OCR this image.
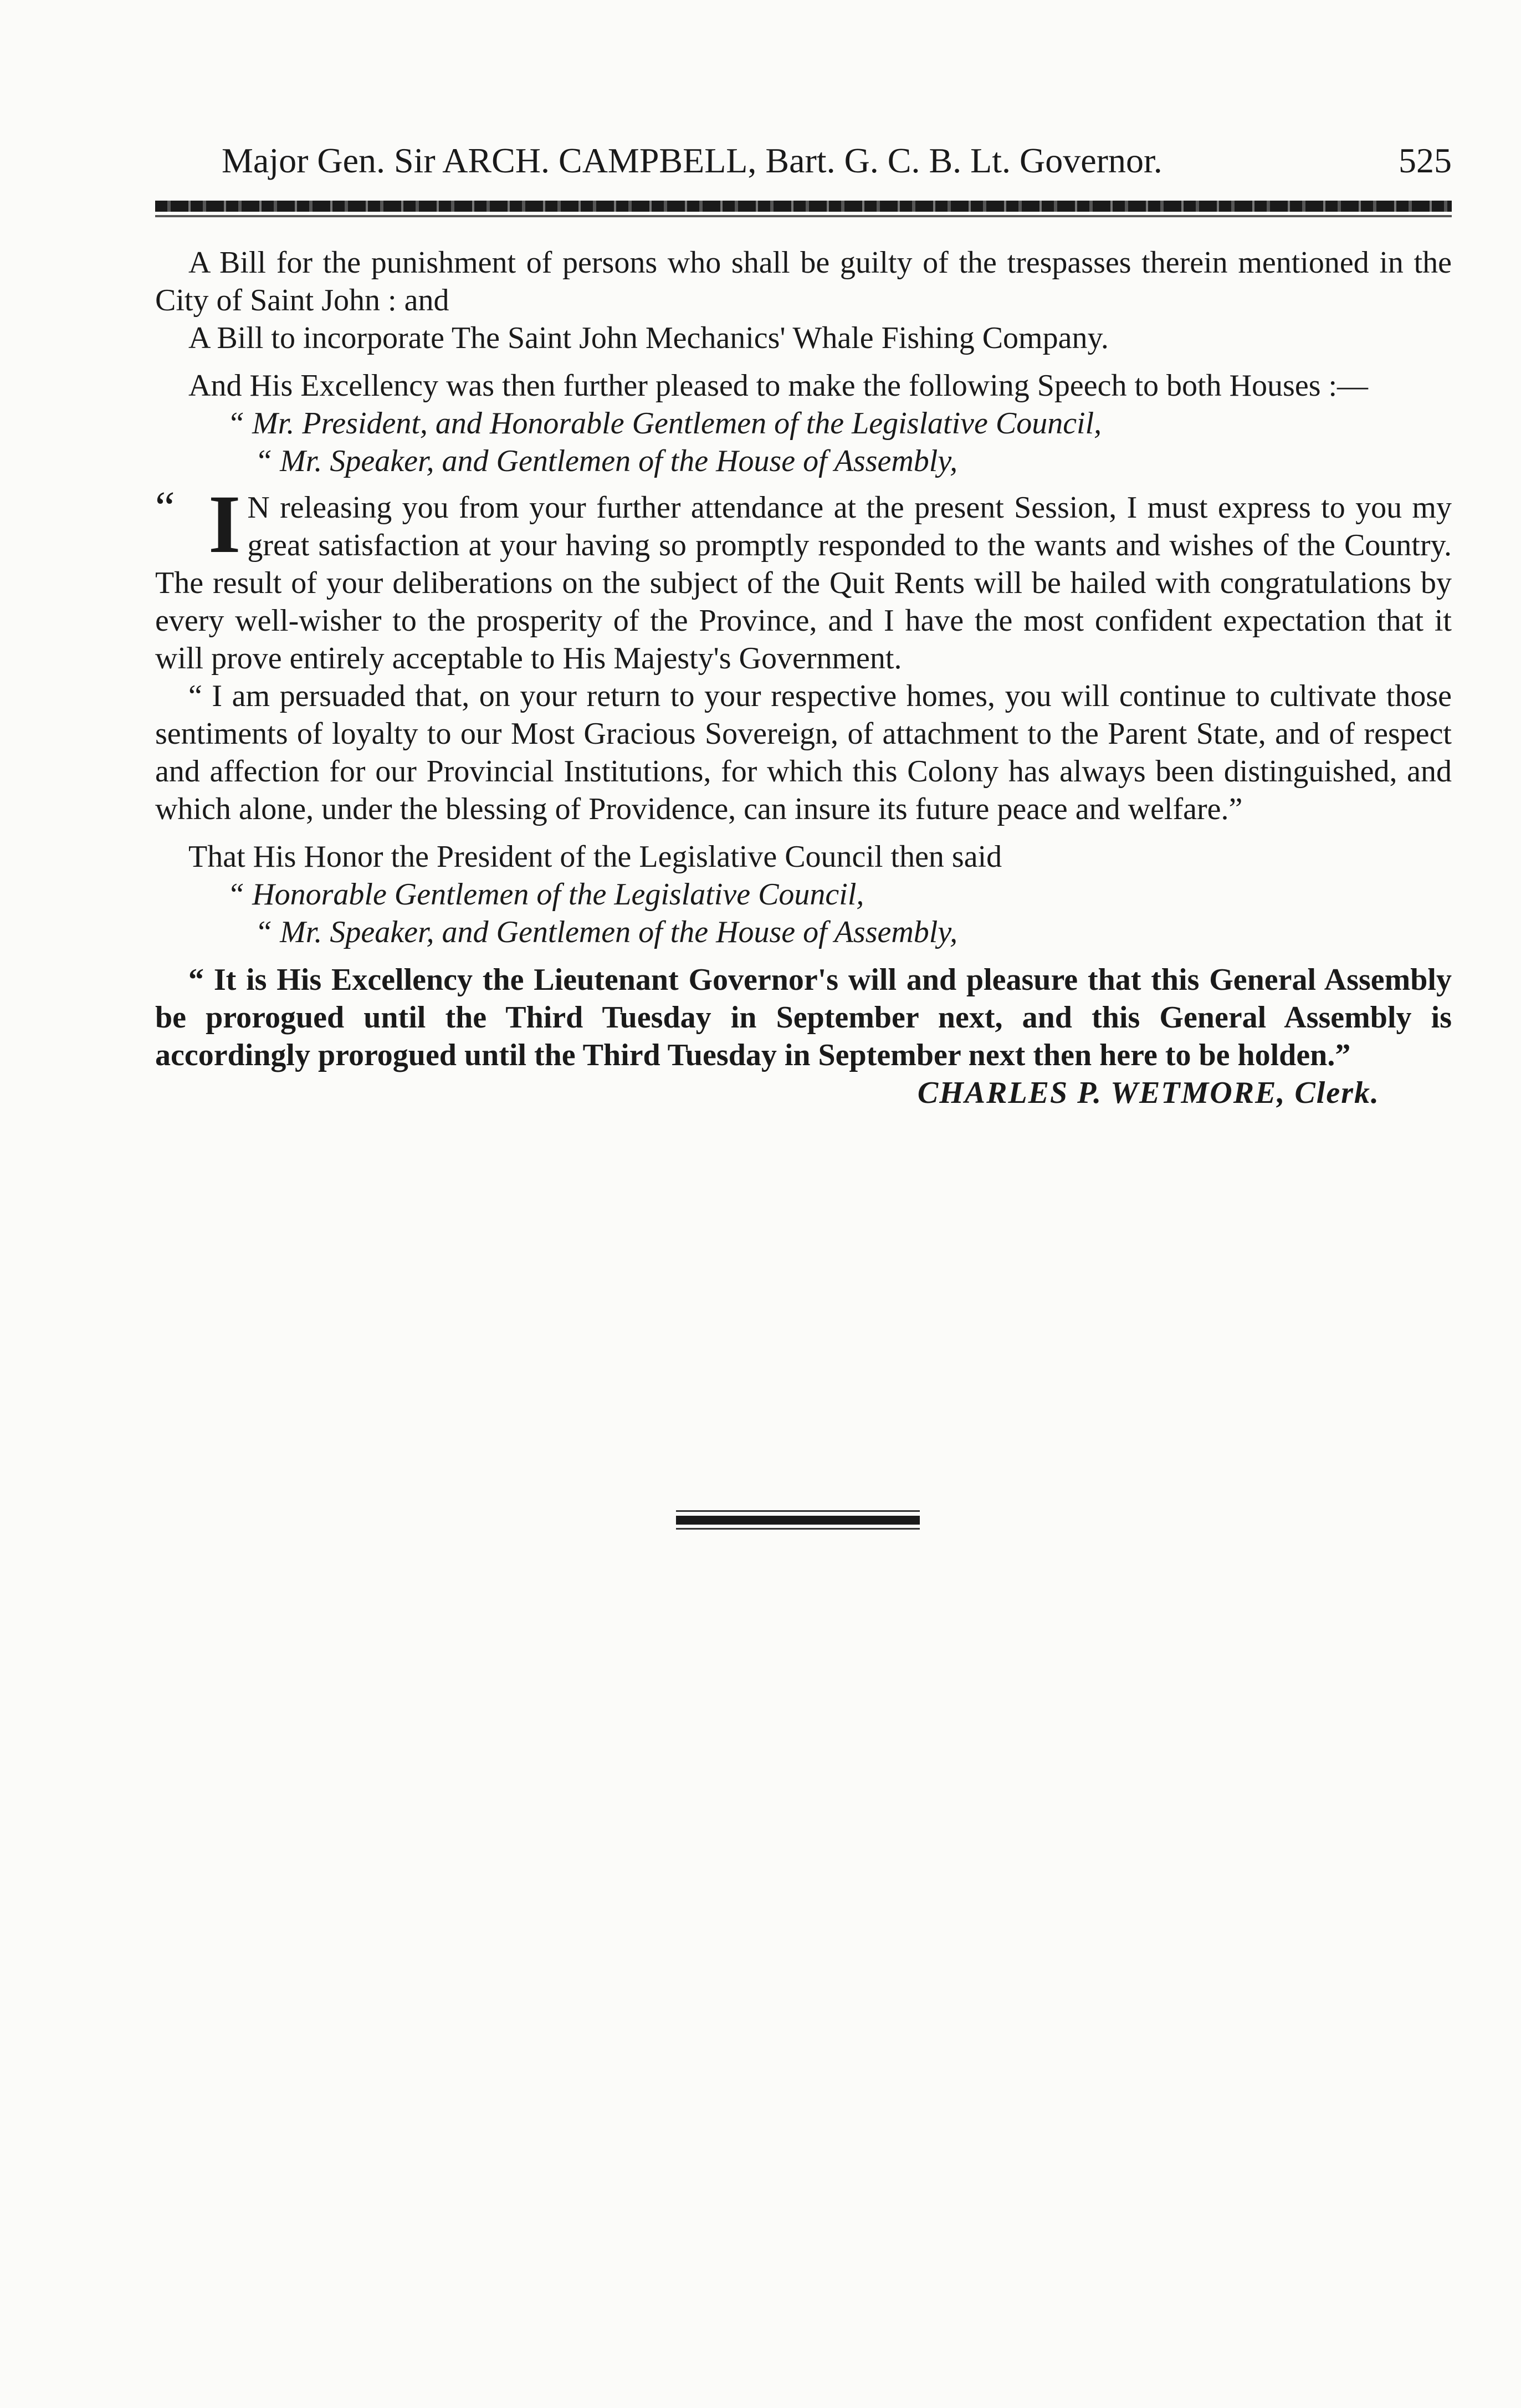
Major Gen. Sir ARCH. CAMPBELL, Bart. G. C. B. Lt. Governor.	525

A Bill for the punishment of persons who shall be guilty of the trespasses therein mentioned in the City of Saint John : and

A Bill to incorporate The Saint John Mechanics' Whale Fishing Company.

And His Excellency was then further pleased to make the following Speech to both Houses :—

“ Mr. President, and Honorable Gentlemen of the Legislative Council,

“ Mr. Speaker, and Gentlemen of the House of Assembly,

“ I N releasing you from your further attendance at the present Session, I must express to you my great satisfaction at your having so promptly responded to the wants and wishes of the Country. The result of your deliberations on the subject of the Quit Rents will be hailed with congratulations by every well-wisher to the prosperity of the Province, and I have the most confident expectation that it will prove entirely acceptable to His Majesty's Government.

“ I am persuaded that, on your return to your respective homes, you will continue to cultivate those sentiments of loyalty to our Most Gracious Sovereign, of attachment to the Parent State, and of respect and affection for our Provincial Institutions, for which this Colony has always been distinguished, and which alone, under the blessing of Providence, can insure its future peace and welfare.”

That His Honor the President of the Legislative Council then said

“ Honorable Gentlemen of the Legislative Council,

“ Mr. Speaker, and Gentlemen of the House of Assembly,

“ It is His Excellency the Lieutenant Governor's will and pleasure that this General Assembly be prorogued until the Third Tuesday in September next, and this General Assembly is accordingly prorogued until the Third Tuesday in September next then here to be holden.”

CHARLES P. WETMORE, Clerk.
